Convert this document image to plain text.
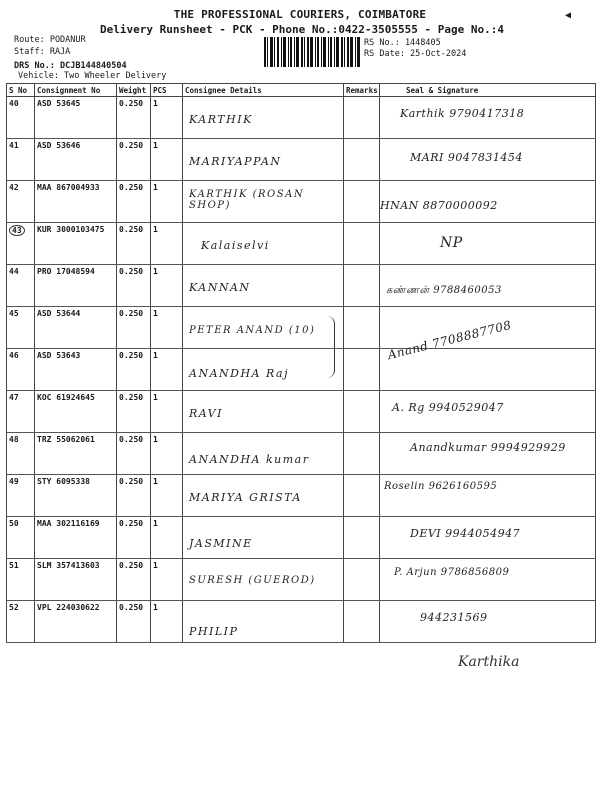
THE PROFESSIONAL COURIERS, COIMBATORE
Delivery Runsheet - PCK - Phone No.:0422-3505555 - Page No.:4
◀
Route: PODANUR
Staff: RAJA
DRS No.: DCJB144840504
Vehicle: Two Wheeler Delivery
RS No.: 1448405
RS Date: 25-Oct-2024
S No	Consignment No	Weight	PCS	Consignee Details	Remarks	Seal & Signature
40	ASD 53645	0.250	1	KARTHIK		Karthik 9790417318

41	ASD 53646	0.250	1	MARIYAPPAN		MARI 9047831454

42	MAA 867004933	0.250	1	KARTHIK (ROSAN SHOP)		HNAN 8870000092

43	KUR 3000103475	0.250	1	Kalaiselvi		NP

44	PRO 17048594	0.250	1	KANNAN		கண்ணன் 9788460053

45	ASD 53644	0.250	1	PETER ANAND (10)		Anand 7708887708

46	ASD 53643	0.250	1	ANANDHA Raj		

47	KOC 61924645	0.250	1	RAVI		A. Rg 9940529047

48	TRZ 55062061	0.250	1	ANANDHA kumar		Anandkumar 9994929929

49	STY 6095338	0.250	1	MARIYA GRISTA		Roselin 9626160595

50	MAA 302116169	0.250	1	JASMINE		DEVI 9944054947

51	SLM 357413603	0.250	1	SURESH (GUEROD)		P. Arjun 9786856809

52	VPL 224030622	0.250	1	PHILIP		944231569
Karthika
